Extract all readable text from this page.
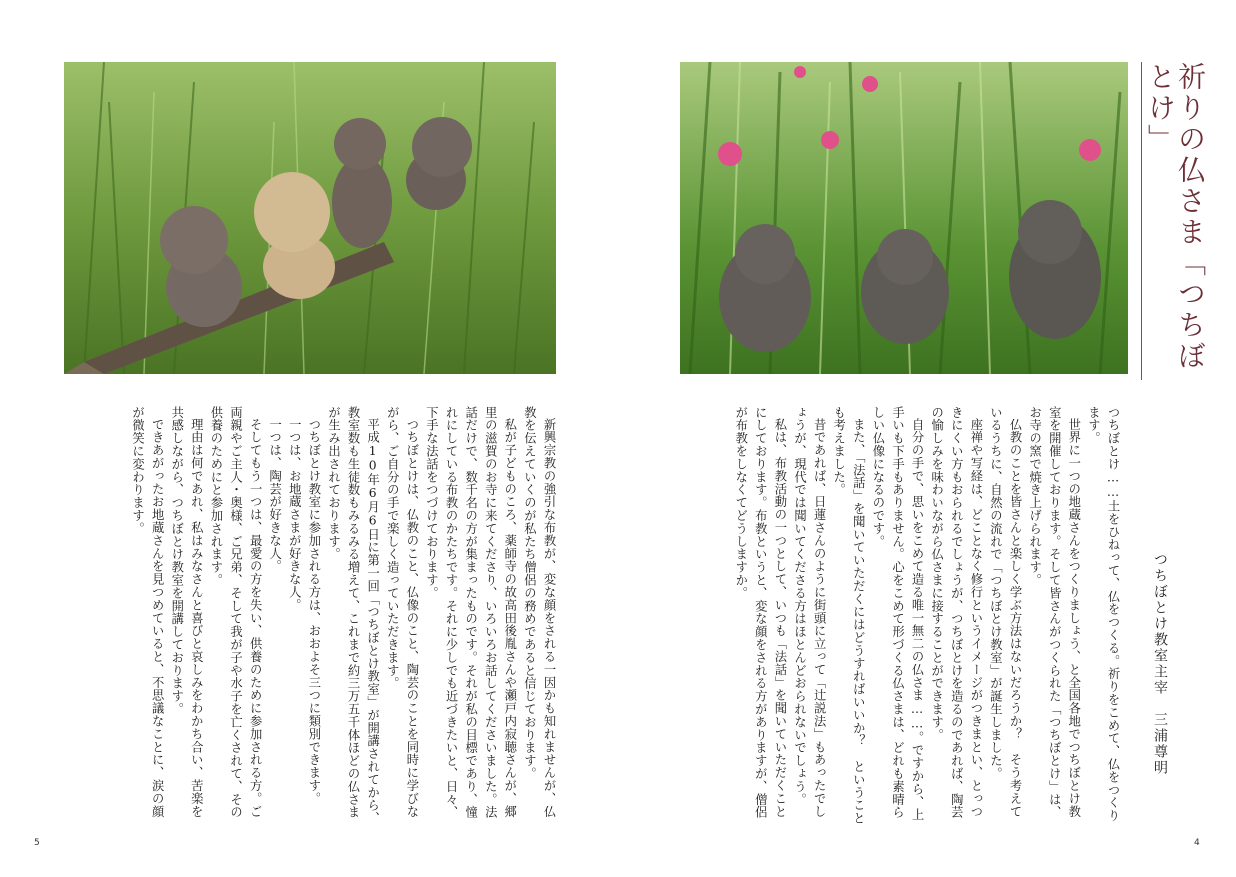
新興宗教の強引な布教が、変な顔をされる一因かも知れませんが、仏教を伝えていくのが私たち僧侶の務めであると信じております。

私が子どものころ、薬師寺の故高田後胤さんや瀬戸内寂聴さんが、郷里の滋賀のお寺に来てくださり、いろいろお話してくださいました。法話だけで、数千名の方が集まったものです。それが私の目標であり、憧れにしている布教のかたちです。それに少しでも近づきたいと、日々、下手な法話をつづけております。

つちぼとけは、仏教のこと、仏像のこと、陶芸のことを同時に学びながら、ご自分の手で楽しく造っていただきます。

平成10年6月6日に第一回「つちぼとけ教室」が開講されてから、教室数も生徒数もみるみる増えて、これまで約三万五千体ほどの仏さまが生み出されております。

つちぼとけ教室に参加される方は、おおよそ三つに類別できます。

一つは、お地蔵さまが好きな人。

一つは、陶芸が好きな人。

そしてもう一つは、最愛の方を失い、供養のために参加される方。ご両親やご主人・奥様、ご兄弟、そして我が子や水子を亡くされて、その供養のためにと参加されます。

理由は何であれ、私はみなさんと喜びと哀しみをわかち合い、苦楽を共感しながら、つちぼとけ教室を開講しております。

できあがったお地蔵さんを見つめていると、不思議なことに、涙の顔が微笑に変わります。

5
祈りの仏さま「つちぼとけ」
つちぼとけ教室主宰　三浦尊明

つちぼとけ……土をひねって、仏をつくる。祈りをこめて、仏をつくります。

世界に一つの地蔵さんをつくりましょう、と全国各地でつちぼとけ教室を開催しております。そして皆さんがつくられた「つちぼとけ」は、お寺の窯で焼き上げられます。

仏教のことを皆さんと楽しく学ぶ方法はないだろうか？　そう考えているうちに、自然の流れで「つちぼとけ教室」が誕生しました。

座禅や写経は、どことなく修行というイメージがつきまとい、とっつきにくい方もおられるでしょうが、つちぼとけを造るのであれば、陶芸の愉しみを味わいながら仏さまに接することができます。

自分の手で、思いをこめて造る唯一無二の仏さま……。ですから、上手いも下手もありません。心をこめて形づくる仏さまは、どれも素晴らしい仏像になるのです。

また、「法話」を聞いていただくにはどうすればいいか？　ということも考えました。

昔であれば、日蓮さんのように街頭に立って「辻説法」もあったでしょうが、現代では聞いてくださる方はほとんどおられないでしょう。

私は、布教活動の一つとして、いつも「法話」を聞いていただくことにしております。布教というと、変な顔をされる方がありますが、僧侶が布教をしなくてどうしますか。

4
